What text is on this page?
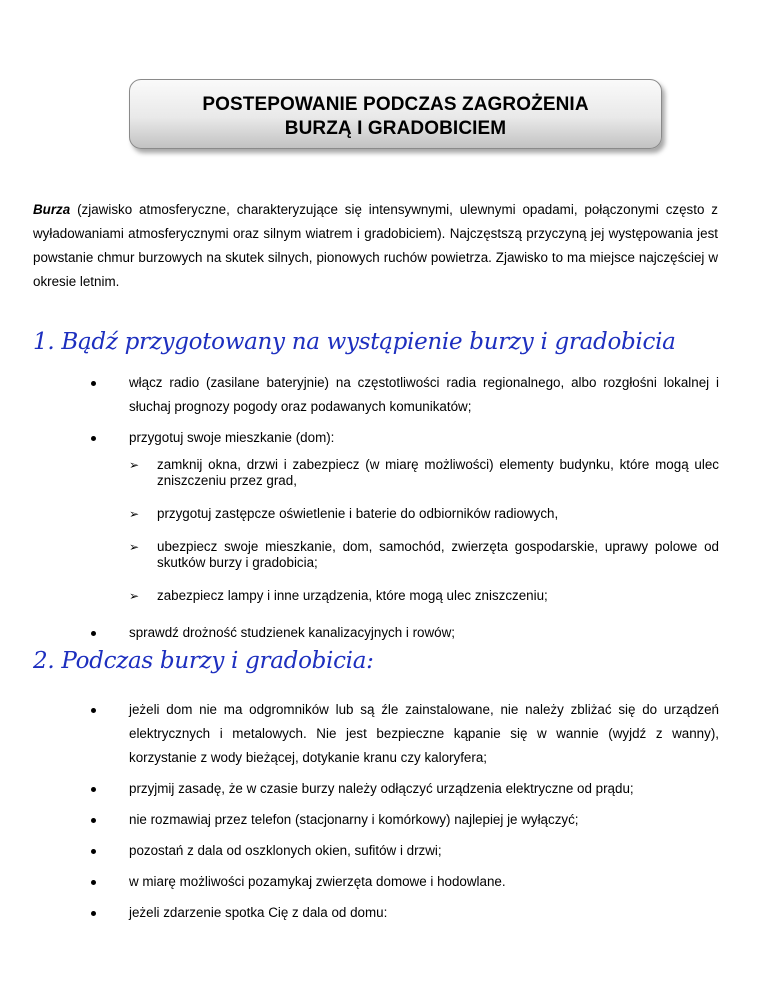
POSTEPOWANIE PODCZAS ZAGROŻENIA
BURZĄ I GRADOBICIEM

Burza (zjawisko atmosferyczne, charakteryzujące się intensywnymi, ulewnymi opadami, połączonymi często z wyładowaniami atmosferycznymi oraz silnym wiatrem i gradobiciem). Najczęstszą przyczyną jej występowania jest powstanie chmur burzowych na skutek silnych, pionowych ruchów powietrza. Zjawisko to ma miejsce najczęściej w okresie letnim.

1. Bądź przygotowany na wystąpienie burzy i gradobicia
włącz radio (zasilane bateryjnie) na częstotliwości radia regionalnego, albo rozgłośni lokalnej i słuchaj prognozy pogody oraz podawanych komunikatów;
przygotuj swoje mieszkanie (dom):
➢ zamknij okna, drzwi i zabezpiecz (w miarę możliwości) elementy budynku, które mogą ulec zniszczeniu przez grad,
➢ przygotuj zastępcze oświetlenie i baterie do odbiorników radiowych,
➢ ubezpiecz swoje mieszkanie, dom, samochód, zwierzęta gospodarskie, uprawy polowe od skutków burzy i gradobicia;
➢ zabezpiecz lampy i inne urządzenia, które mogą ulec zniszczeniu;
sprawdź drożność studzienek kanalizacyjnych i rowów;
2. Podczas burzy i gradobicia:
jeżeli dom nie ma odgromników lub są źle zainstalowane, nie należy zbliżać się do urządzeń elektrycznych i metalowych. Nie jest bezpieczne kąpanie się w wannie (wyjdź z wanny), korzystanie z wody bieżącej, dotykanie kranu czy kaloryfera;
przyjmij zasadę, że w czasie burzy należy odłączyć urządzenia elektryczne od prądu;
nie rozmawiaj przez telefon (stacjonarny i komórkowy) najlepiej je wyłączyć;
pozostań z dala od oszklonych okien, sufitów i drzwi;
w miarę możliwości pozamykaj zwierzęta domowe i hodowlane.
jeżeli zdarzenie spotka Cię z dala od domu:
